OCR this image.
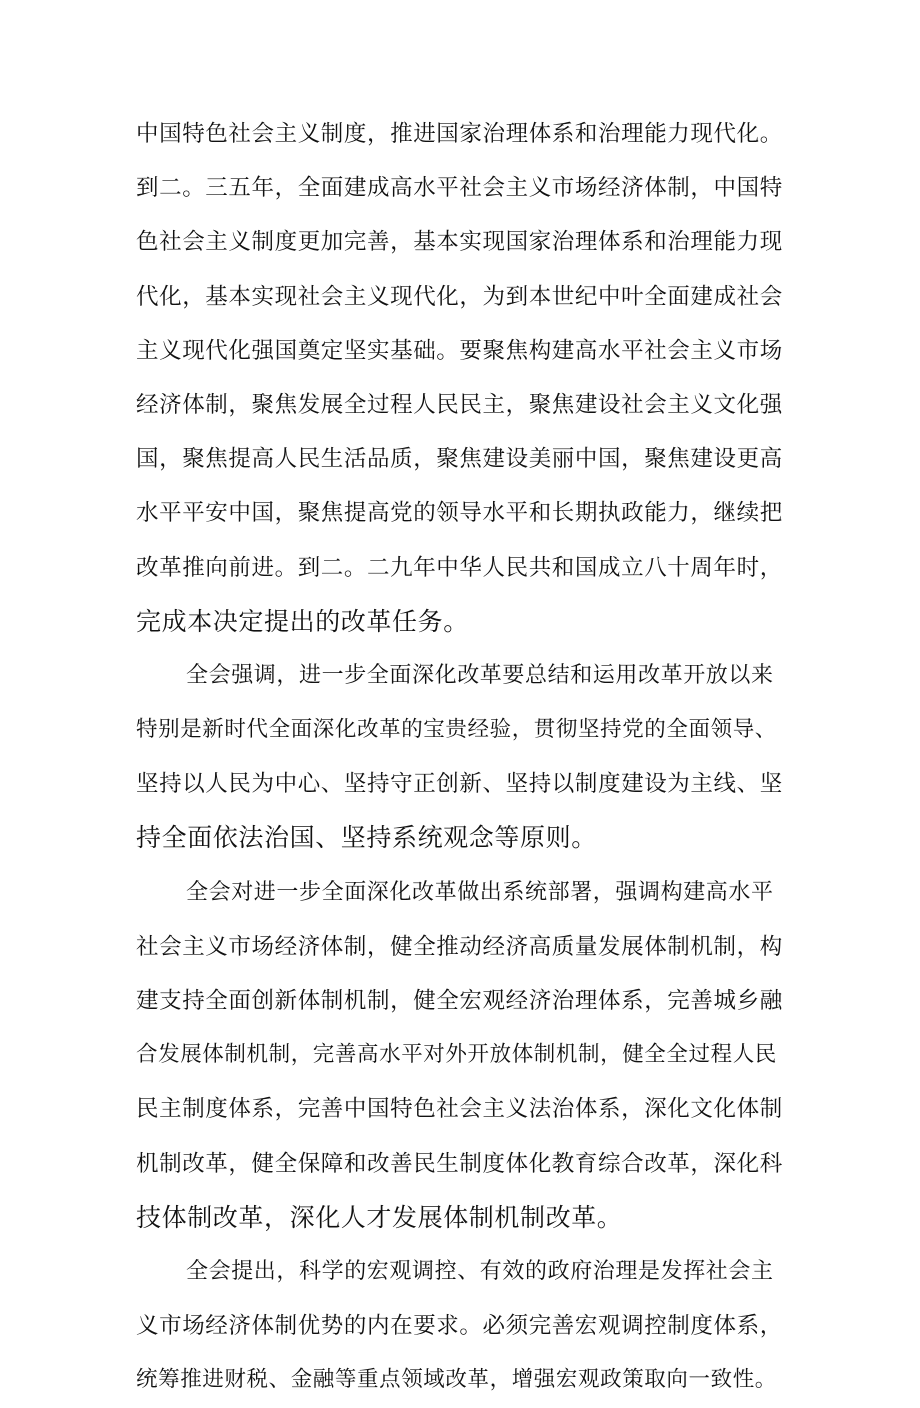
中国特色社会主义制度，推进国家治理体系和治理能力现代化。
到二。三五年，全面建成高水平社会主义市场经济体制，中国特
色社会主义制度更加完善，基本实现国家治理体系和治理能力现
代化，基本实现社会主义现代化，为到本世纪中叶全面建成社会
主义现代化强国奠定坚实基础。要聚焦构建高水平社会主义市场
经济体制，聚焦发展全过程人民民主，聚焦建设社会主义文化强
国，聚焦提高人民生活品质，聚焦建设美丽中国，聚焦建设更高
水平平安中国，聚焦提高党的领导水平和长期执政能力，继续把
改革推向前进。到二。二九年中华人民共和国成立八十周年时，
完成本决定提出的改革任务。
全会强调，进一步全面深化改革要总结和运用改革开放以来
特别是新时代全面深化改革的宝贵经验，贯彻坚持党的全面领导、
坚持以人民为中心、坚持守正创新、坚持以制度建设为主线、坚
持全面依法治国、坚持系统观念等原则。
全会对进一步全面深化改革做出系统部署，强调构建高水平
社会主义市场经济体制，健全推动经济高质量发展体制机制，构
建支持全面创新体制机制，健全宏观经济治理体系，完善城乡融
合发展体制机制，完善高水平对外开放体制机制，健全全过程人民
民主制度体系，完善中国特色社会主义法治体系，深化文化体制
机制改革，健全保障和改善民生制度体化教育综合改革，深化科
技体制改革，深化人才发展体制机制改革。
全会提出，科学的宏观调控、有效的政府治理是发挥社会主
义市场经济体制优势的内在要求。必须完善宏观调控制度体系，
统筹推进财税、金融等重点领域改革，增强宏观政策取向一致性。
